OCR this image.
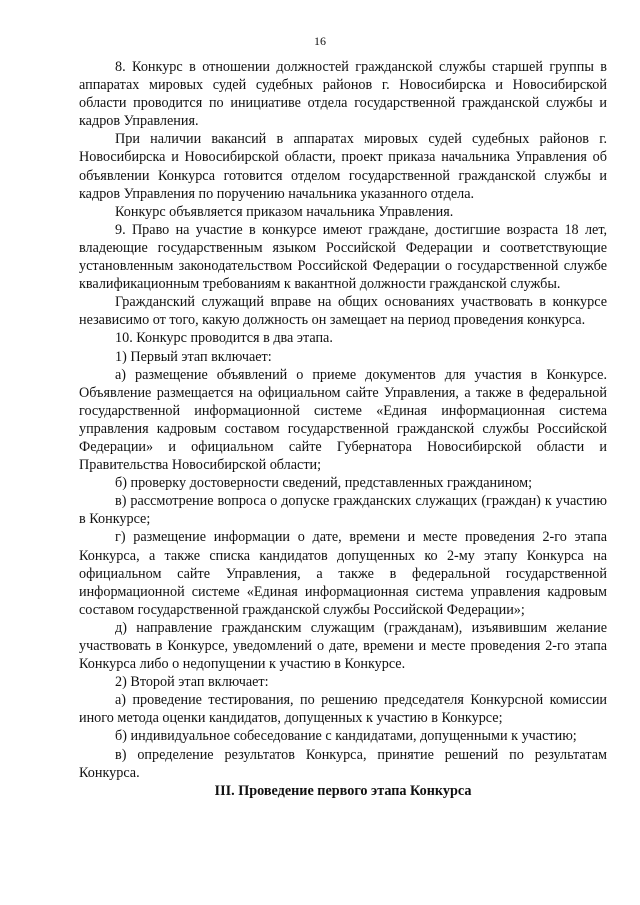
16

8. Конкурс в отношении должностей гражданской службы старшей группы в аппаратах мировых судей судебных районов г. Новосибирска и Новосибирской области проводится по инициативе отдела государственной гражданской службы и кадров Управления.

При наличии вакансий в аппаратах мировых судей судебных районов г. Новосибирска и Новосибирской области, проект приказа начальника Управления об объявлении Конкурса готовится отделом государственной гражданской службы и кадров Управления по поручению начальника указанного отдела.

Конкурс объявляется приказом начальника Управления.

9. Право на участие в конкурсе имеют граждане, достигшие возраста 18 лет, владеющие государственным языком Российской Федерации и соответствующие установленным законодательством Российской Федерации о государственной службе квалификационным требованиям к вакантной должности гражданской службы.

Гражданский служащий вправе на общих основаниях участвовать в конкурсе независимо от того, какую должность он замещает на период проведения конкурса.

10. Конкурс проводится в два этапа.

1) Первый этап включает:

а) размещение объявлений о приеме документов для участия в Конкурсе. Объявление размещается на официальном сайте Управления, а также в федеральной государственной информационной системе «Единая информационная система управления кадровым составом государственной гражданской службы Российской Федерации» и официальном сайте Губернатора Новосибирской области и Правительства Новосибирской области;

б) проверку достоверности сведений, представленных гражданином;

в) рассмотрение вопроса о допуске гражданских служащих (граждан) к участию в Конкурсе;

г) размещение информации о дате, времени и месте проведения 2-го этапа Конкурса, а также списка кандидатов допущенных ко 2-му этапу Конкурса на официальном сайте Управления, а также в федеральной государственной информационной системе «Единая информационная система управления кадровым составом государственной гражданской службы Российской Федерации»;

д) направление гражданским служащим (гражданам), изъявившим желание участвовать в Конкурсе, уведомлений о дате, времени и месте проведения 2-го этапа Конкурса либо о недопущении к участию в Конкурсе.

2) Второй этап включает:

а) проведение тестирования, по решению председателя Конкурсной комиссии иного метода оценки кандидатов, допущенных к участию в Конкурсе;

б) индивидуальное собеседование с кандидатами, допущенными к участию;

в) определение результатов Конкурса, принятие решений по результатам Конкурса.

III. Проведение первого этапа Конкурса
